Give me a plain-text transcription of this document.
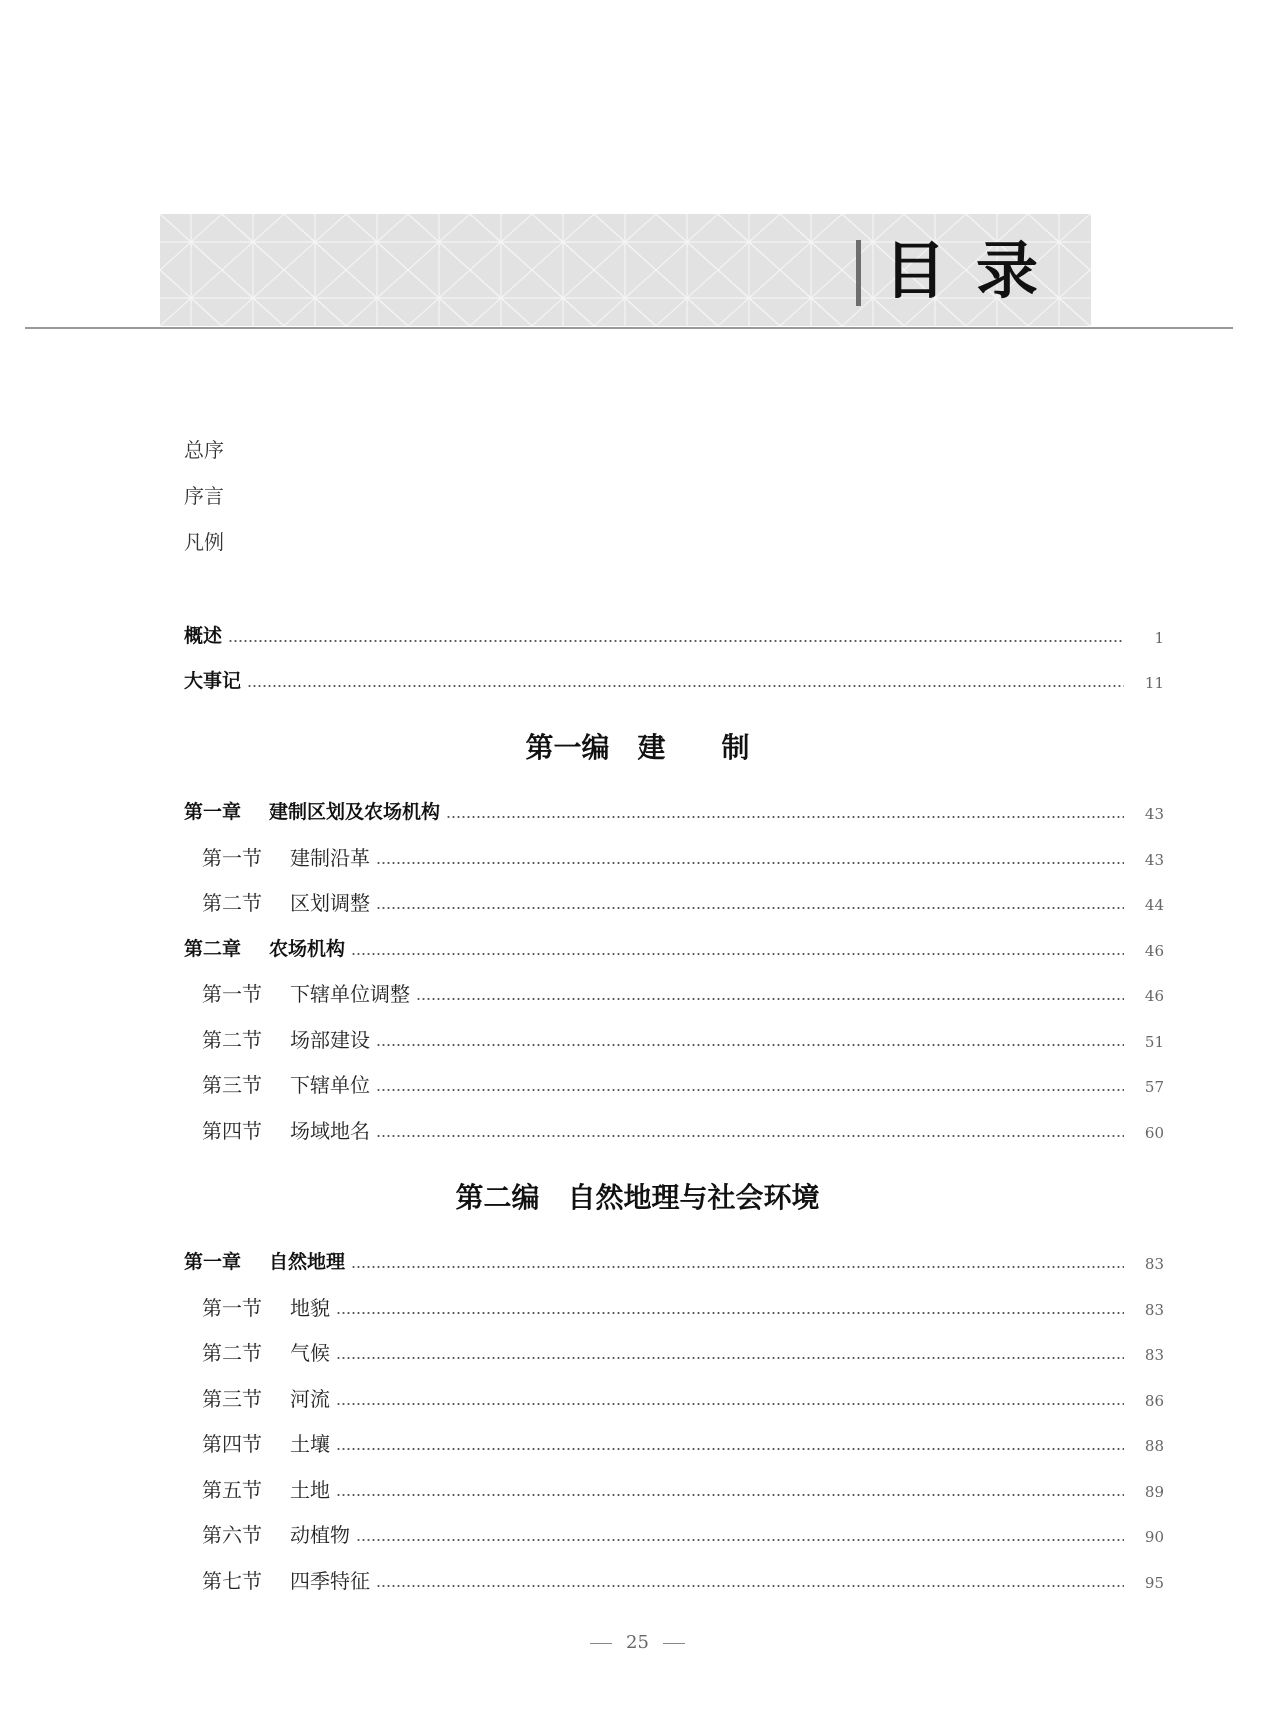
目录
总序
序言
凡例
概述	1
大事记	11
第一编　建　　制
第一章 建制区划及农场机构	43
第一节 建制沿革	43
第二节 区划调整	44
第二章 农场机构	46
第一节 下辖单位调整	46
第二节 场部建设	51
第三节 下辖单位	57
第四节 场域地名	60
第二编　自然地理与社会环境
第一章 自然地理	83
第一节 地貌	83
第二节 气候	83
第三节 河流	86
第四节 土壤	88
第五节 土地	89
第六节 动植物	90
第七节 四季特征	95
25
